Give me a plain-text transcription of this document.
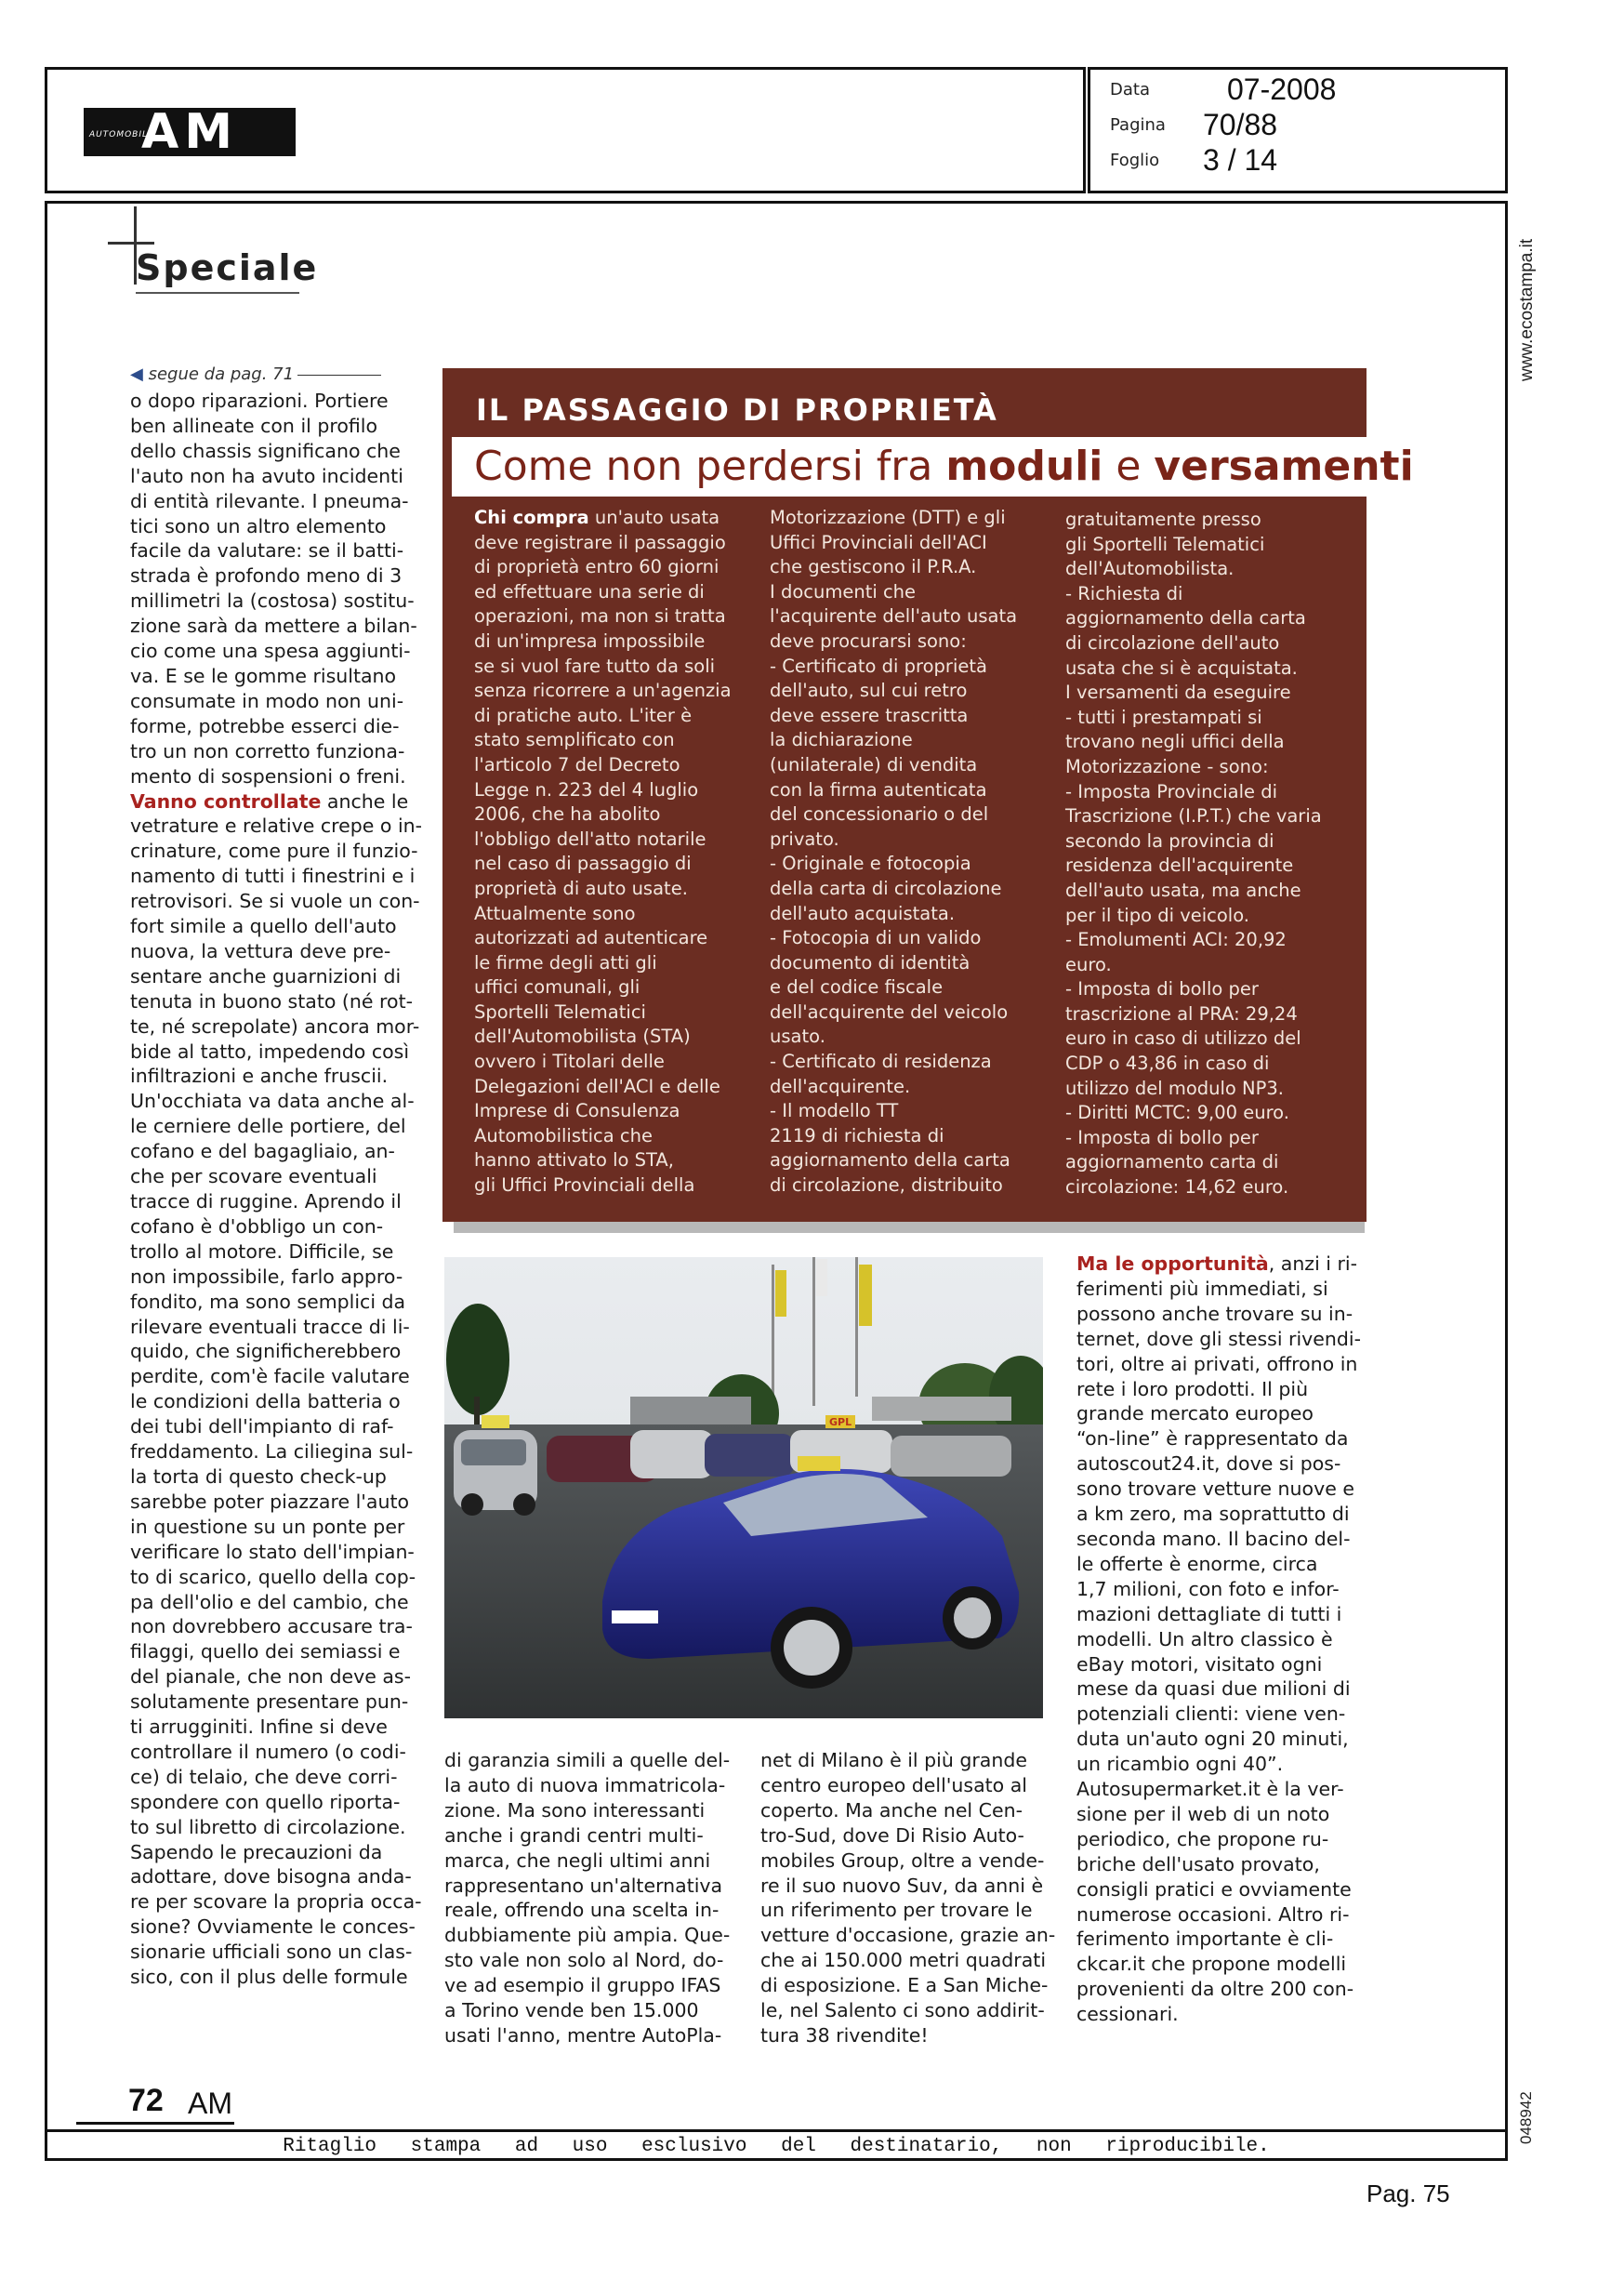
AM
AUTOMOBILE
Data	07-2008
Pagina 70/88
Foglio 3 / 14
www.ecostampa.it
048942
Speciale
◀ segue da pag. 71

o dopo riparazioni. Portiere

ben allineate con il profilo

dello chassis significano che

l'auto non ha avuto incidenti

di entità rilevante. I pneuma-

tici sono un altro elemento

facile da valutare: se il batti-

strada è profondo meno di 3

millimetri la (costosa) sostitu-

zione sarà da mettere a bilan-

cio come una spesa aggiunti-

va. E se le gomme risultano

consumate in modo non uni-

forme, potrebbe esserci die-

tro un non corretto funziona-

mento di sospensioni o freni.

Vanno controllate anche le

vetrature e relative crepe o in-

crinature, come pure il funzio-

namento di tutti i finestrini e i

retrovisori. Se si vuole un con-

fort simile a quello dell'auto

nuova, la vettura deve pre-

sentare anche guarnizioni di

tenuta in buono stato (né rot-

te, né screpolate) ancora mor-

bide al tatto, impedendo così

infiltrazioni e anche fruscii.

Un'occhiata va data anche al-

le cerniere delle portiere, del

cofano e del bagagliaio, an-

che per scovare eventuali

tracce di ruggine. Aprendo il

cofano è d'obbligo un con-

trollo al motore. Difficile, se

non impossibile, farlo appro-

fondito, ma sono semplici da

rilevare eventuali tracce di li-

quido, che significherebbero

perdite, com'è facile valutare

le condizioni della batteria o

dei tubi dell'impianto di raf-

freddamento. La ciliegina sul-

la torta di questo check-up

sarebbe poter piazzare l'auto

in questione su un ponte per

verificare lo stato dell'impian-

to di scarico, quello della cop-

pa dell'olio e del cambio, che

non dovrebbero accusare tra-

filaggi, quello dei semiassi e

del pianale, che non deve as-

solutamente presentare pun-

ti arrugginiti. Infine si deve

controllare il numero (o codi-

ce) di telaio, che deve corri-

spondere con quello riporta-

to sul libretto di circolazione.

Sapendo le precauzioni da

adottare, dove bisogna anda-

re per scovare la propria occa-

sione? Ovviamente le conces-

sionarie ufficiali sono un clas-

sico, con il plus delle formule

IL PASSAGGIO DI PROPRIETÀ
Come non perdersi fra moduli e versamenti

Chi compra un'auto usata

deve registrare il passaggio

di proprietà entro 60 giorni

ed effettuare una serie di

operazioni, ma non si tratta

di un'impresa impossibile

se si vuol fare tutto da soli

senza ricorrere a un'agenzia

di pratiche auto. L'iter è

stato semplificato con

l'articolo 7 del Decreto

Legge n. 223 del 4 luglio

2006, che ha abolito

l'obbligo dell'atto notarile

nel caso di passaggio di

proprietà di auto usate.

Attualmente sono

autorizzati ad autenticare

le firme degli atti gli

uffici comunali, gli

Sportelli Telematici

dell'Automobilista (STA)

ovvero i Titolari delle

Delegazioni dell'ACI e delle

Imprese di Consulenza

Automobilistica che

hanno attivato lo STA,

gli Uffici Provinciali della

Motorizzazione (DTT) e gli

Uffici Provinciali dell'ACI

che gestiscono il P.R.A.

I documenti che

l'acquirente dell'auto usata

deve procurarsi sono:

- Certificato di proprietà

dell'auto, sul cui retro

deve essere trascritta

la dichiarazione

(unilaterale) di vendita

con la firma autenticata

del concessionario o del

privato.

- Originale e fotocopia

della carta di circolazione

dell'auto acquistata.

- Fotocopia di un valido

documento di identità

e del codice fiscale

dell'acquirente del veicolo

usato.

- Certificato di residenza

dell'acquirente.

- Il modello TT

2119 di richiesta di

aggiornamento della carta

di circolazione, distribuito

gratuitamente presso

gli Sportelli Telematici

dell'Automobilista.

- Richiesta di

aggiornamento della carta

di circolazione dell'auto

usata che si è acquistata.

I versamenti da eseguire

- tutti i prestampati si

trovano negli uffici della

Motorizzazione - sono:

- Imposta Provinciale di

Trascrizione (I.P.T.) che varia

secondo la provincia di

residenza dell'acquirente

dell'auto usata, ma anche

per il tipo di veicolo.

- Emolumenti ACI: 20,92

euro.

- Imposta di bollo per

trascrizione al PRA: 29,24

euro in caso di utilizzo del

CDP o 43,86 in caso di

utilizzo del modulo NP3.

- Diritti MCTC: 9,00 euro.

- Imposta di bollo per

aggiornamento carta di

circolazione: 14,62 euro.

GPL

di garanzia simili a quelle del-

la auto di nuova immatricola-

zione. Ma sono interessanti

anche i grandi centri multi-

marca, che negli ultimi anni

rappresentano un'alternativa

reale, offrendo una scelta in-

dubbiamente più ampia. Que-

sto vale non solo al Nord, do-

ve ad esempio il gruppo IFAS

a Torino vende ben 15.000

usati l'anno, mentre AutoPla-

net di Milano è il più grande

centro europeo dell'usato al

coperto. Ma anche nel Cen-

tro-Sud, dove Di Risio Auto-

mobiles Group, oltre a vende-

re il suo nuovo Suv, da anni è

un riferimento per trovare le

vetture d'occasione, grazie an-

che ai 150.000 metri quadrati

di esposizione. E a San Miche-

le, nel Salento ci sono addirit-

tura 38 rivendite!

Ma le opportunità, anzi i ri-

ferimenti più immediati, si

possono anche trovare su in-

ternet, dove gli stessi rivendi-

tori, oltre ai privati, offrono in

rete i loro prodotti. Il più

grande mercato europeo

“on-line” è rappresentato da

autoscout24.it, dove si pos-

sono trovare vetture nuove e

a km zero, ma soprattutto di

seconda mano. Il bacino del-

le offerte è enorme, circa

1,7 milioni, con foto e infor-

mazioni dettagliate di tutti i

modelli. Un altro classico è

eBay motori, visitato ogni

mese da quasi due milioni di

potenziali clienti: viene ven-

duta un'auto ogni 20 minuti,

un ricambio ogni 40”.

Autosupermarket.it è la ver-

sione per il web di un noto

periodico, che propone ru-

briche dell'usato provato,

consigli pratici e ovviamente

numerose occasioni. Altro ri-

ferimento importante è cli-

ckcar.it che propone modelli

provenienti da oltre 200 con-

cessionari.

72 AM
Ritaglio stampa ad uso esclusivo del destinatario, non riproducibile.
Pag. 75
